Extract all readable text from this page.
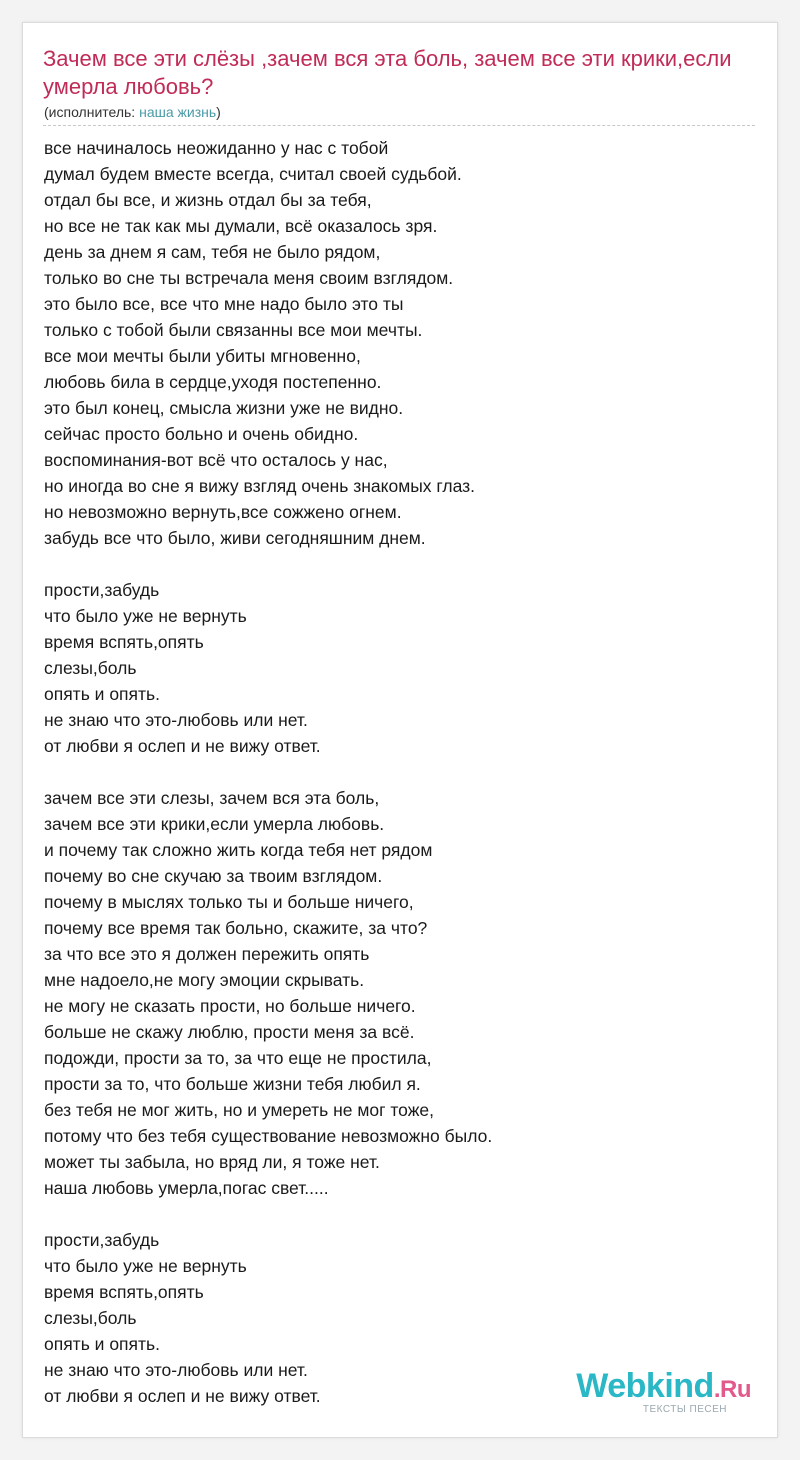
Зачем все эти слёзы ,зачем вся эта боль, зачем все эти крики,если умерла любовь?
(исполнитель: наша жизнь)
все начиналось неожиданно у нас с тобой
думал будем вместе всегда, считал своей судьбой.
отдал бы все, и жизнь отдал бы за тебя,
но все не так как мы думали, всё оказалось зря.
день за днем я сам, тебя не было рядом,
только во сне ты встречала меня своим взглядом.
это было все, все что мне надо было это ты
только с тобой были связанны все мои мечты.
все мои мечты были убиты мгновенно,
любовь била в сердце,уходя постепенно.
это был конец, смысла жизни уже не видно.
сейчас просто больно и очень обидно.
воспоминания-вот всё что осталось у нас,
но иногда во сне я вижу взгляд очень знакомых глаз.
но невозможно вернуть,все сожжено огнем.
забудь все что было, живи сегодняшним днем.
прости,забудь
что было уже не вернуть
время вспять,опять
слезы,боль
опять и опять.
не знаю что это-любовь или нет.
от любви я ослеп и не вижу ответ.
зачем все эти слезы, зачем вся эта боль,
зачем все эти крики,если умерла любовь.
и почему так сложно жить когда тебя нет рядом
почему во сне скучаю за твоим взглядом.
почему в мыслях только ты и больше ничего,
почему все время так больно, скажите, за что?
за что все это я должен пережить опять
мне надоело,не могу эмоции скрывать.
не могу не сказать прости, но больше ничего.
больше не скажу люблю, прости меня за всё.
подожди, прости за то, за что еще не простила,
прости за то, что больше жизни тебя любил я.
без тебя не мог жить, но и умереть не мог тоже,
потому что без тебя существование невозможно было.
может ты забыла, но вряд ли, я тоже нет.
наша любовь умерла,погас свет.....
прости,забудь
что было уже не вернуть
время вспять,опять
слезы,боль
опять и опять.
не знаю что это-любовь или нет.
от любви я ослеп и не вижу ответ.	Webkind.Ru
ТЕКСТЫ ПЕСЕН
